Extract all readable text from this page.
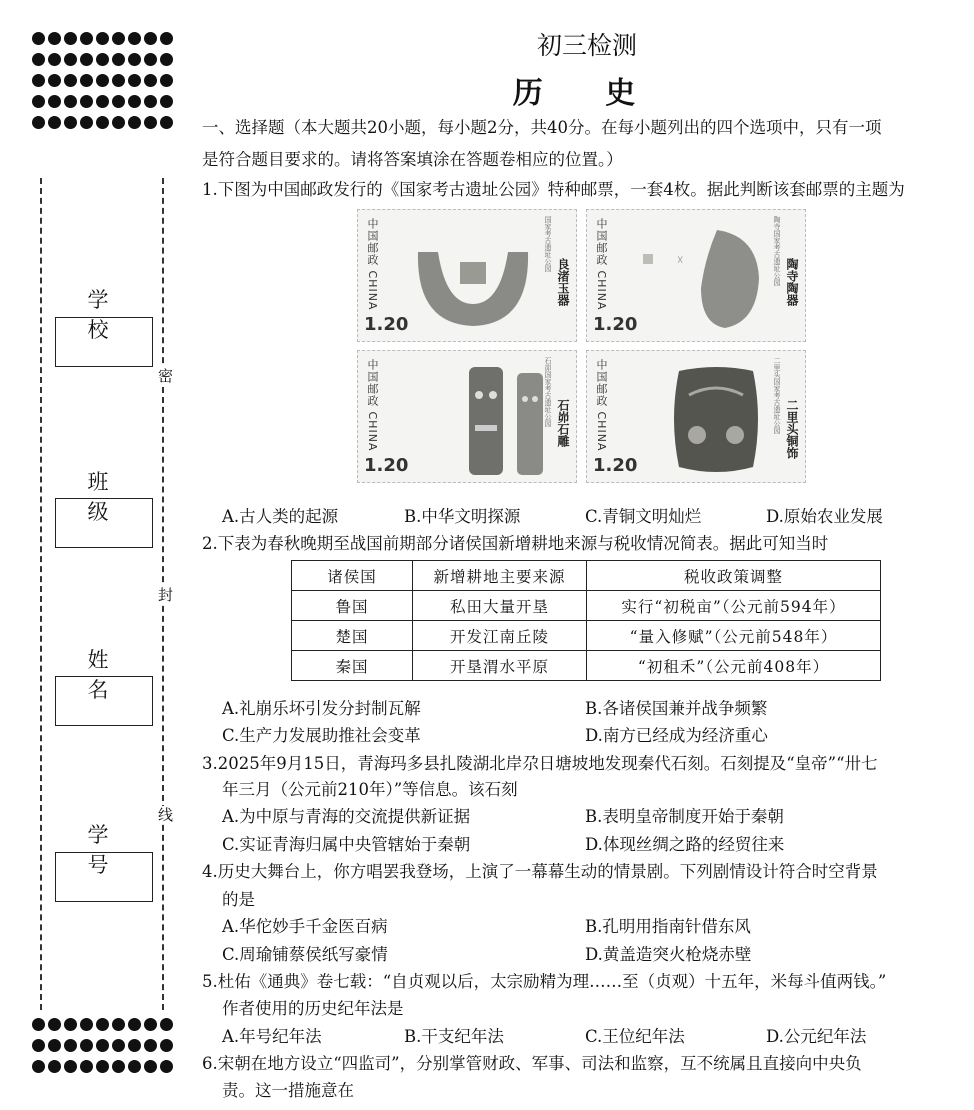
密
封
线
学 校
班 级
姓 名
学 号
初三检测
历 史
一、选择题（本大题共20小题，每小题2分，共40分。在每小题列出的四个选项中，只有一项
是符合题目要求的。请将答案填涂在答题卷相应的位置。）
1.下图为中国邮政发行的《国家考古遗址公园》特种邮票，一套4枚。据此判断该套邮票的主题为
中国邮政 CHINA	国家考古遗址公园
良渚玉器
1.20
中国邮政 CHINA	☓	陶寺国家考古遗址公园 陶寺陶器
1.20
中国邮政 CHINA	石峁国家考古遗址公园 石峁石雕
1.20
中国邮政 CHINA	二里头国家考古遗址公园 二里头铜饰
1.20
A.古人类的起源	B.中华文明探源	C.青铜文明灿烂	D.原始农业发展
2.下表为春秋晚期至战国前期部分诸侯国新增耕地来源与税收情况简表。据此可知当时
诸侯国	新增耕地主要来源	税收政策调整
鲁国	私田大量开垦	实行“初税亩”（公元前594年）
楚国	开发江南丘陵	“量入修赋”（公元前548年）
秦国	开垦渭水平原	“初租禾”（公元前408年）
A.礼崩乐坏引发分封制瓦解	B.各诸侯国兼并战争频繁
C.生产力发展助推社会变革	D.南方已经成为经济重心
3.2025年9月15日，青海玛多县扎陵湖北岸尕日塘坡地发现秦代石刻。石刻提及“皇帝”“卅七
年三月（公元前210年）”等信息。该石刻
A.为中原与青海的交流提供新证据	B.表明皇帝制度开始于秦朝
C.实证青海归属中央管辖始于秦朝	D.体现丝绸之路的经贸往来
4.历史大舞台上，你方唱罢我登场，上演了一幕幕生动的情景剧。下列剧情设计符合时空背景
的是
A.华佗妙手千金医百病	B.孔明用指南针借东风
C.周瑜铺蔡侯纸写豪情	D.黄盖造突火枪烧赤壁
5.杜佑《通典》卷七载：“自贞观以后，太宗励精为理……至（贞观）十五年，米每斗值两钱。”
作者使用的历史纪年法是
A.年号纪年法	B.干支纪年法	C.王位纪年法	D.公元纪年法
6.宋朝在地方设立“四监司”，分别掌管财政、军事、司法和监察，互不统属且直接向中央负
责。这一措施意在
